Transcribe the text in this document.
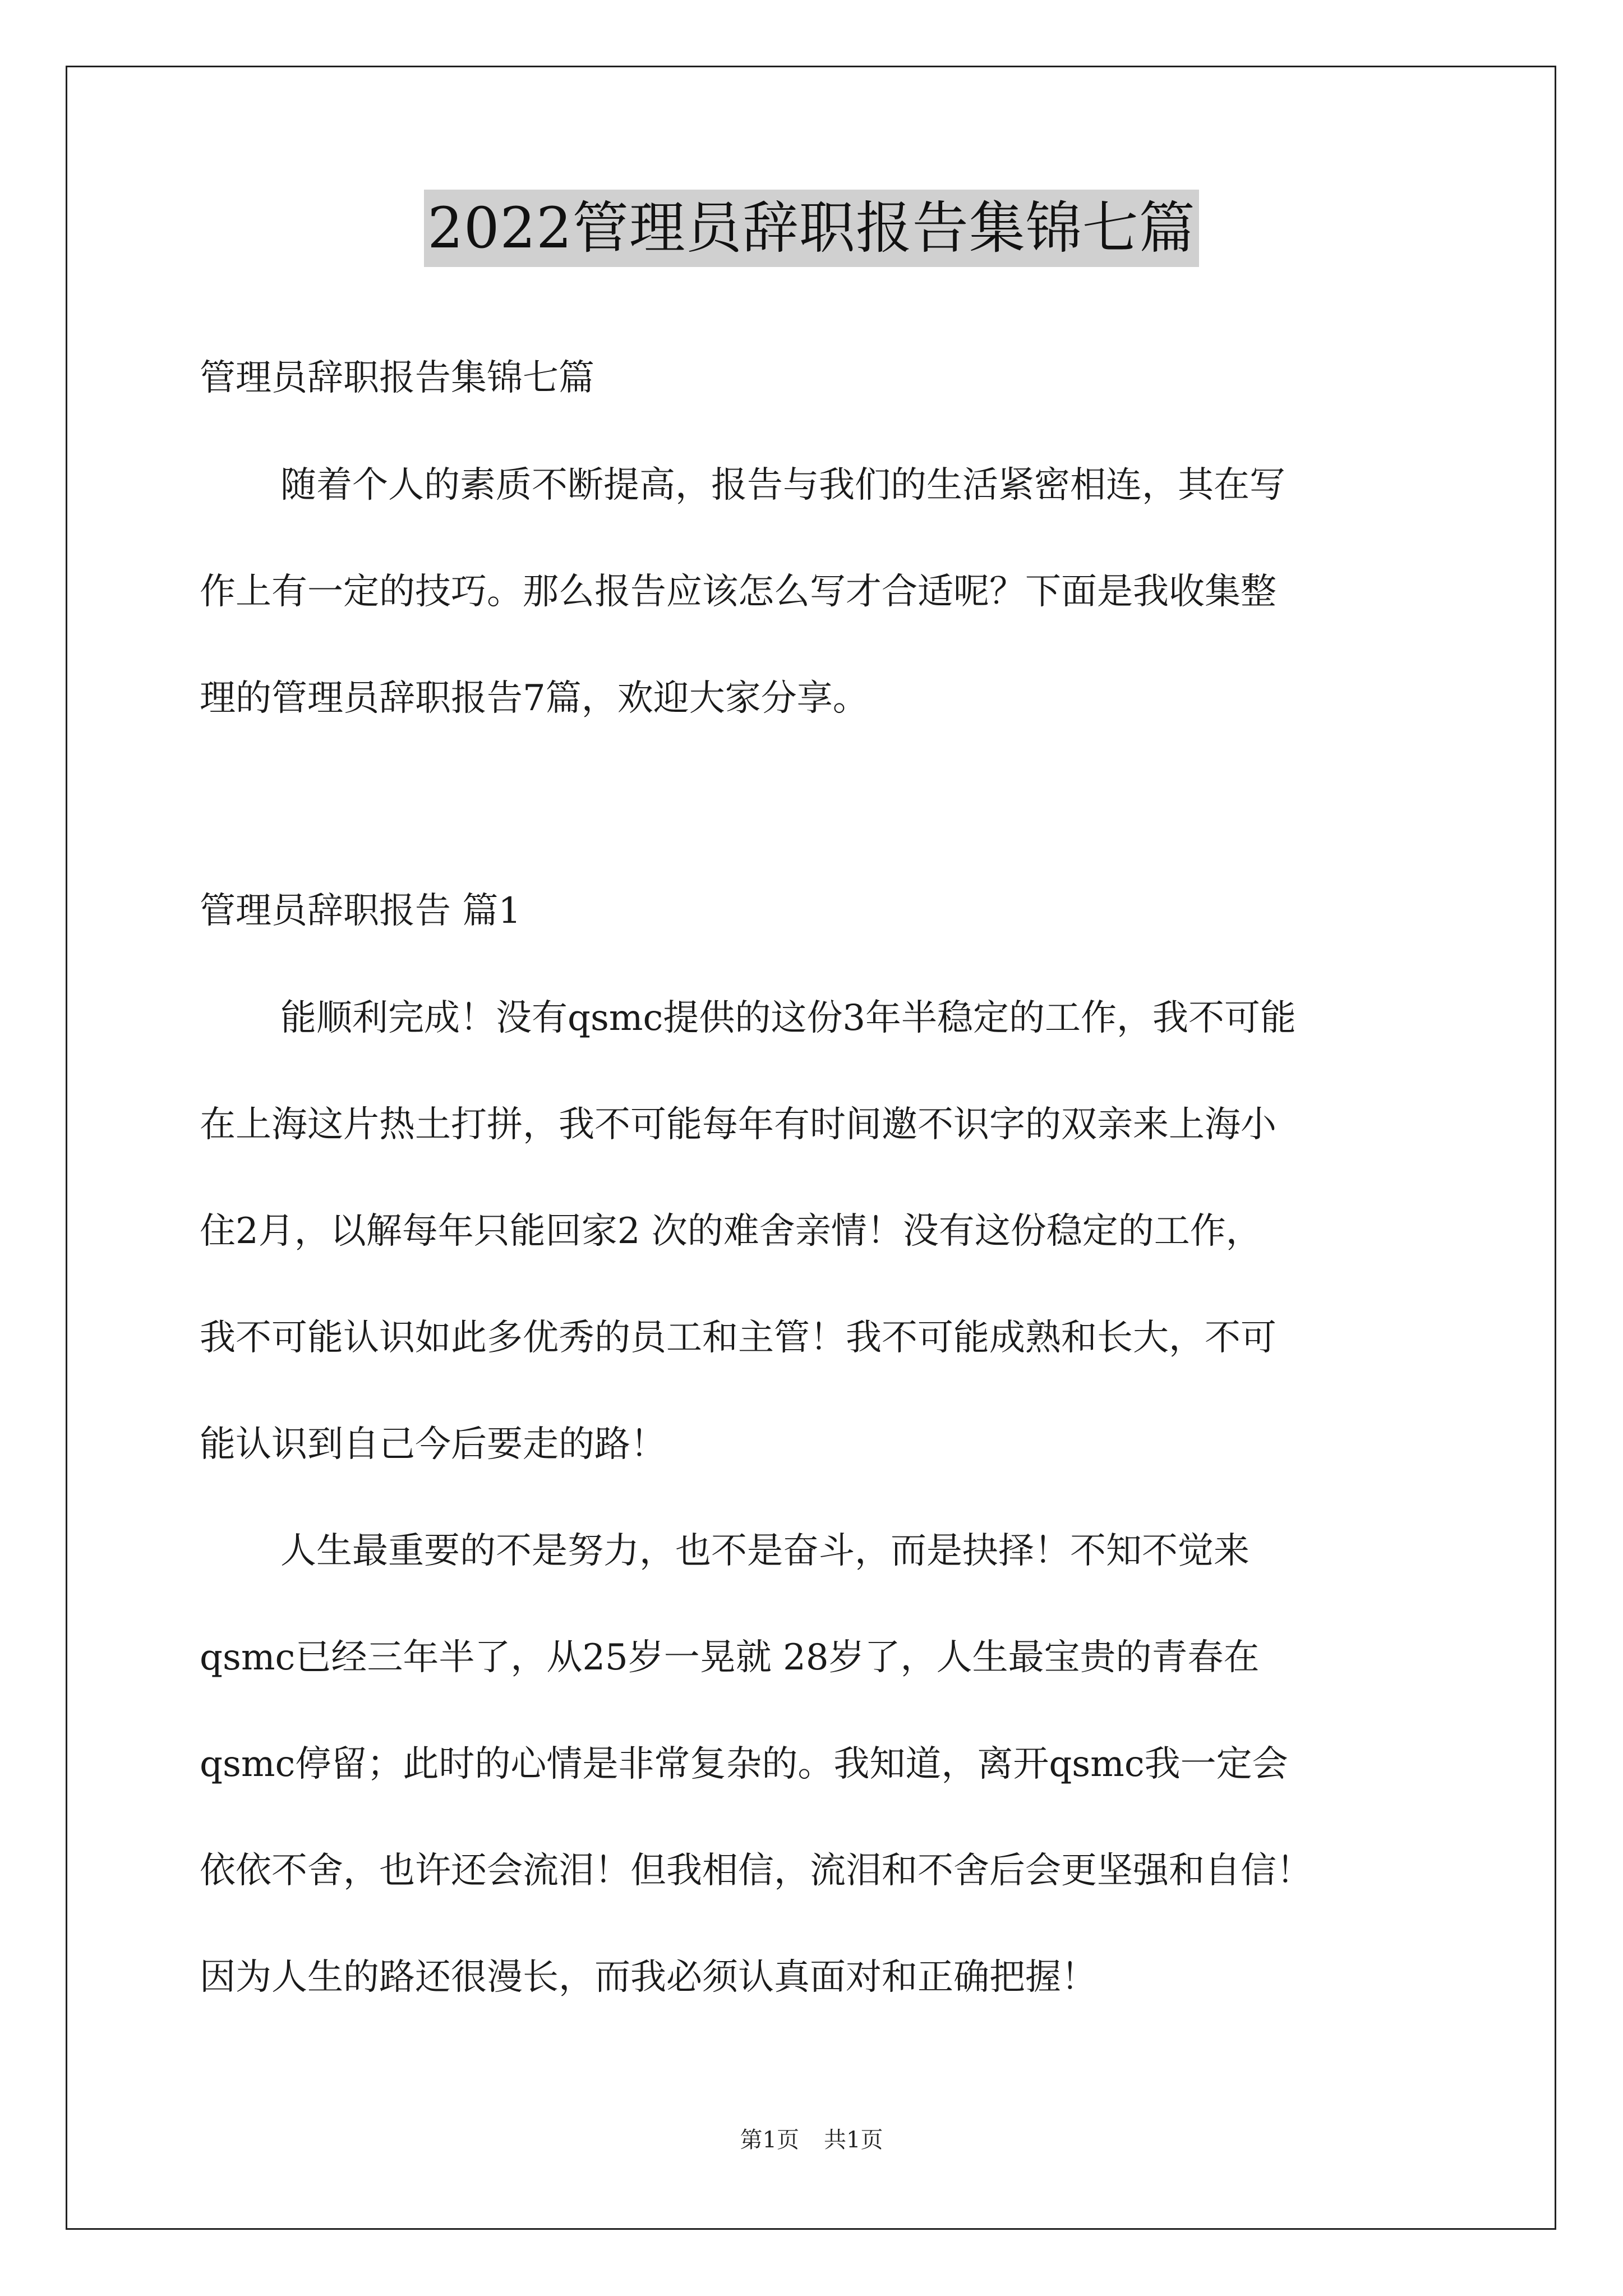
2022管理员辞职报告集锦七篇
管理员辞职报告集锦七篇
随着个人的素质不断提高，报告与我们的生活紧密相连，其在写
作上有一定的技巧。那么报告应该怎么写才合适呢？下面是我收集整
理的管理员辞职报告7篇，欢迎大家分享。
管理员辞职报告 篇1
能顺利完成！没有qsmc提供的这份3年半稳定的工作，我不可能
在上海这片热土打拼，我不可能每年有时间邀不识字的双亲来上海小
住2月，以解每年只能回家2 次的难舍亲情！没有这份稳定的工作，
我不可能认识如此多优秀的员工和主管！我不可能成熟和长大，不可
能认识到自己今后要走的路！
人生最重要的不是努力，也不是奋斗，而是抉择！不知不觉来
qsmc已经三年半了，从25岁一晃就 28岁了，人生最宝贵的青春在
qsmc停留；此时的心情是非常复杂的。我知道，离开qsmc我一定会
依依不舍，也许还会流泪！但我相信，流泪和不舍后会更坚强和自信！
因为人生的路还很漫长，而我必须认真面对和正确把握！
第1页 共1页
